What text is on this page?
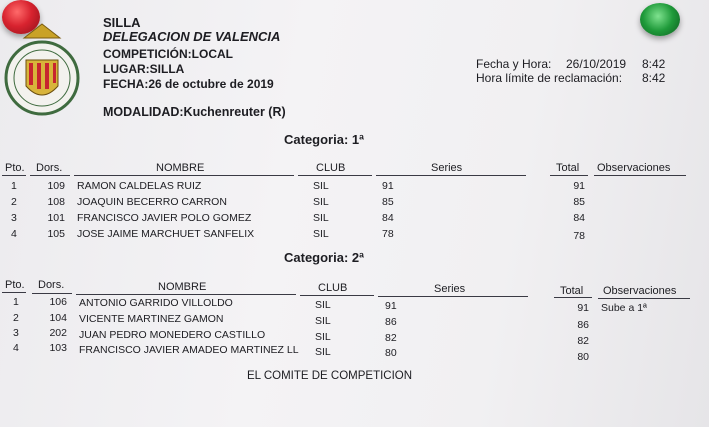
SILLA
DELEGACION DE VALENCIA
COMPETICIÓN:LOCAL
LUGAR:SILLA
FECHA:26 de octubre de 2019
MODALIDAD:Kuchenreuter (R)
Fecha y Hora: 26/10/2019 8:42
Hora límite de reclamación: 8:42
Categoria: 1ª
Pto. Dors.	NOMBRE	CLUB	Series	Total Observaciones
1	109 RAMON CALDELAS RUIZ	SIL	91	91
2	108 JOAQUIN BECERRO CARRON	SIL	85	85
3	101 FRANCISCO JAVIER POLO GOMEZ	SIL	84	84
4	105 JOSE JAIME MARCHUET SANFELIX	SIL	78	78
Categoria: 2ª
Pto. Dors.	NOMBRE	CLUB	Series	Total Observaciones
1	106 ANTONIO GARRIDO VILLOLDO	SIL	91	91 Sube a 1ª
2	104 VICENTE MARTINEZ GAMON	SIL	86	86
3	202 JUAN PEDRO MONEDERO CASTILLO	SIL	82	82
4	103 FRANCISCO JAVIER AMADEO MARTINEZ LL SIL	80	80
EL COMITE DE COMPETICION
